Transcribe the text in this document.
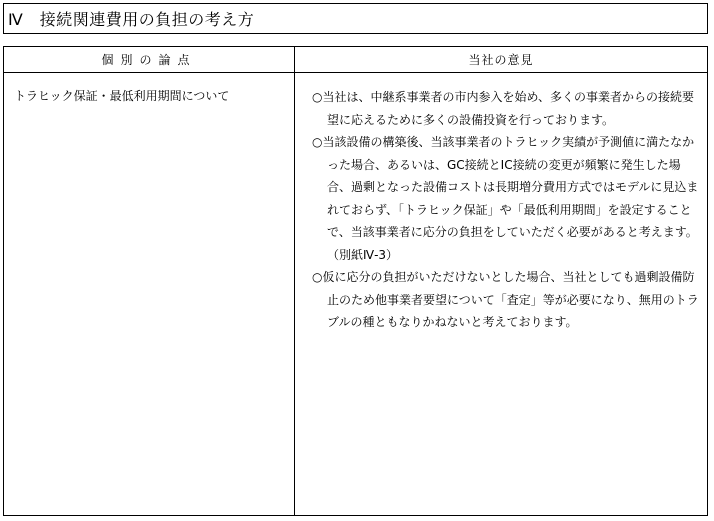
Ⅳ　接続関連費用の負担の考え方
個別の論点	当社の意見
トラヒック保証・最低利用期間について	○当社は、中継系事業者の市内参入を始め、多くの事業者からの接続要望に応えるために多くの設備投資を行っております。
○当該設備の構築後、当該事業者のトラヒック実績が予測値に満たなかった場合、あるいは、GC接続とIC接続の変更が頻繁に発生した場合、過剰となった設備コストは長期増分費用方式ではモデルに見込まれておらず、「トラヒック保証」や「最低利用期間」を設定することで、当該事業者に応分の負担をしていただく必要があると考えます。（別紙Ⅳ-3）
○仮に応分の負担がいただけないとした場合、当社としても過剰設備防止のため他事業者要望について「査定」等が必要になり、無用のトラブルの種ともなりかねないと考えております。
